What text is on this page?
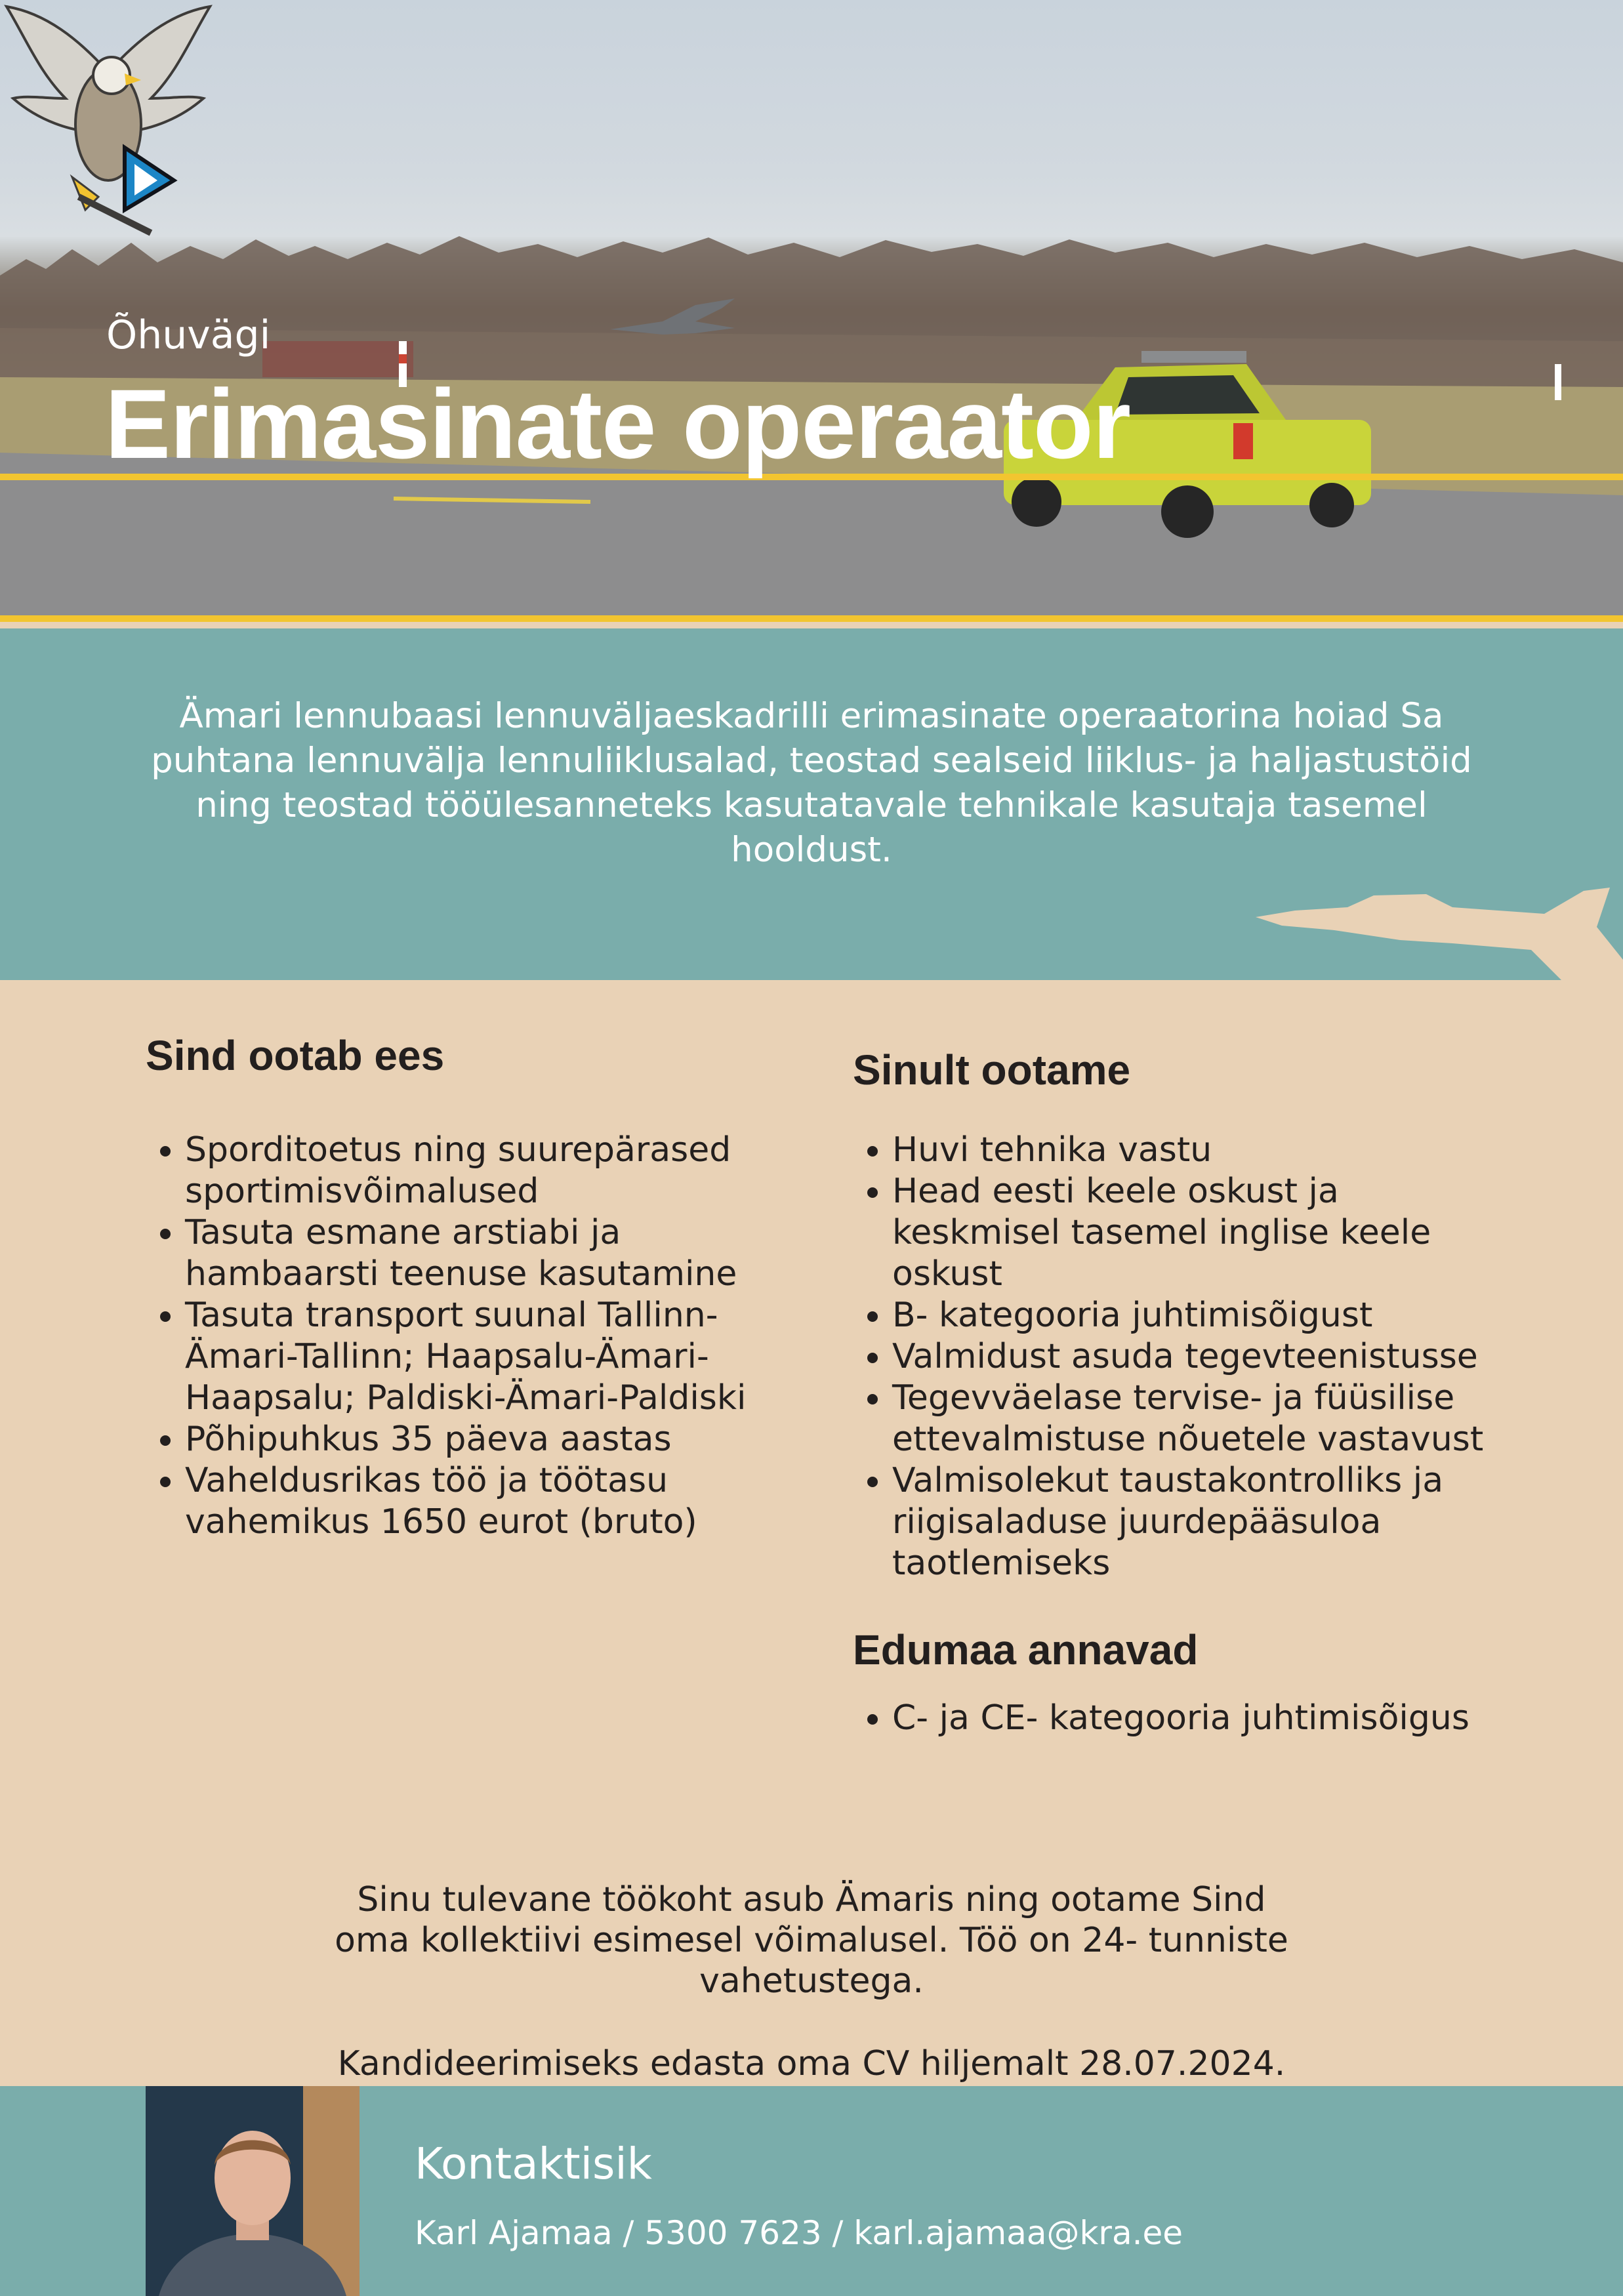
Õhuvägi

Erimasinate operaator

Ämari lennubaasi lennuväljaeskadrilli erimasinate operaatorina hoiad Sa puhtana lennuvälja lennuliiklusalad, teostad sealseid liiklus- ja haljastustöid ning teostad tööülesanneteks kasutatavale tehnikale kasutaja tasemel hooldust.

Sind ootab ees
• Sporditoetus ning suurepärased sportimisvõimalused
• Tasuta esmane arstiabi ja hambaarsti teenuse kasutamine
• Tasuta transport suunal Tallinn-Ämari-Tallinn; Haapsalu-Ämari-Haapsalu; Paldiski-Ämari-Paldiski
• Põhipuhkus 35 päeva aastas
• Vaheldusrikas töö ja töötasu vahemikus 1650 eurot (bruto)
Sinult ootame
• Huvi tehnika vastu
• Head eesti keele oskust ja keskmisel tasemel inglise keele oskust
• B- kategooria juhtimisõigust
• Valmidust asuda tegevteenistusse
• Tegevväelase tervise- ja füüsilise ettevalmistuse nõuetele vastavust
• Valmisolekut taustakontrolliks ja riigisaladuse juurdepääsuloa taotlemiseks
Edumaa annavad
• C- ja CE- kategooria juhtimisõigus

Sinu tulevane töökoht asub Ämaris ning ootame Sind oma kollektiivi esimesel võimalusel. Töö on 24- tunniste vahetustega.

Kandideerimiseks edasta oma CV hiljemalt 28.07.2024.

Kontaktisik

Karl Ajamaa / 5300 7623 / karl.ajamaa@kra.ee
